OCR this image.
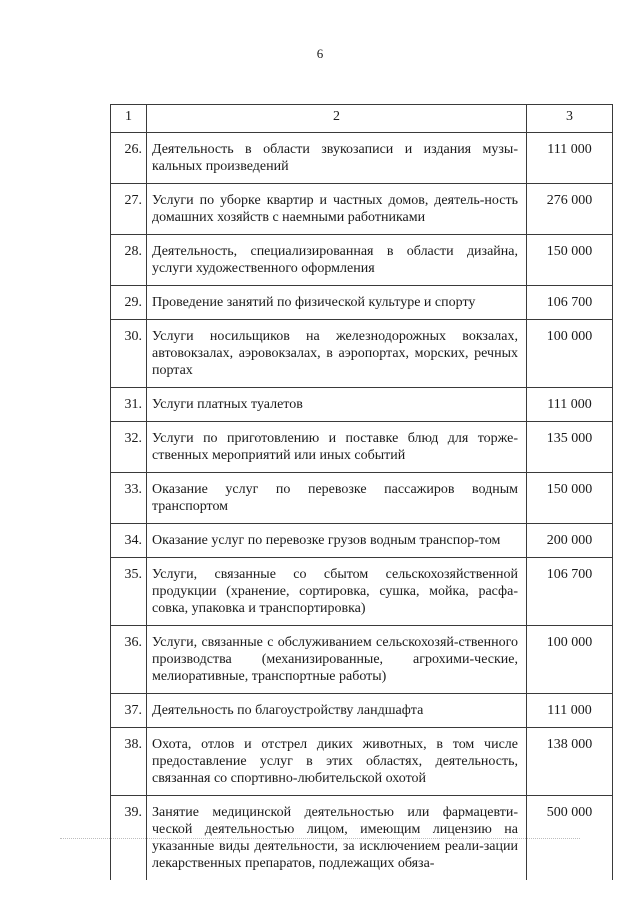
6
1	2	3
26.	Деятельность в области звукозаписи и издания музы-кальных произведений	111 000
27.	Услуги по уборке квартир и частных домов, деятель-ность домашних хозяйств с наемными работниками	276 000
28.	Деятельность, специализированная в области дизайна, услуги художественного оформления	150 000
29.	Проведение занятий по физической культуре и спорту	106 700
30.	Услуги носильщиков на железнодорожных вокзалах, автовокзалах, аэровокзалах, в аэропортах, морских, речных портах	100 000
31.	Услуги платных туалетов	111 000
32.	Услуги по приготовлению и поставке блюд для торже-ственных мероприятий или иных событий	135 000
33.	Оказание услуг по перевозке пассажиров водным транспортом	150 000
34.	Оказание услуг по перевозке грузов водным транспор-том	200 000
35.	Услуги, связанные со сбытом сельскохозяйственной продукции (хранение, сортировка, сушка, мойка, расфа-совка, упаковка и транспортировка)	106 700
36.	Услуги, связанные с обслуживанием сельскохозяй-ственного производства (механизированные, агрохими-ческие, мелиоративные, транспортные работы)	100 000
37.	Деятельность по благоустройству ландшафта	111 000
38.	Охота, отлов и отстрел диких животных, в том числе предоставление услуг в этих областях, деятельность, связанная со спортивно-любительской охотой	138 000
39.	Занятие медицинской деятельностью или фармацевти-ческой деятельностью лицом, имеющим лицензию на указанные виды деятельности, за исключением реали-зации лекарственных препаратов, подлежащих обяза-	500 000
